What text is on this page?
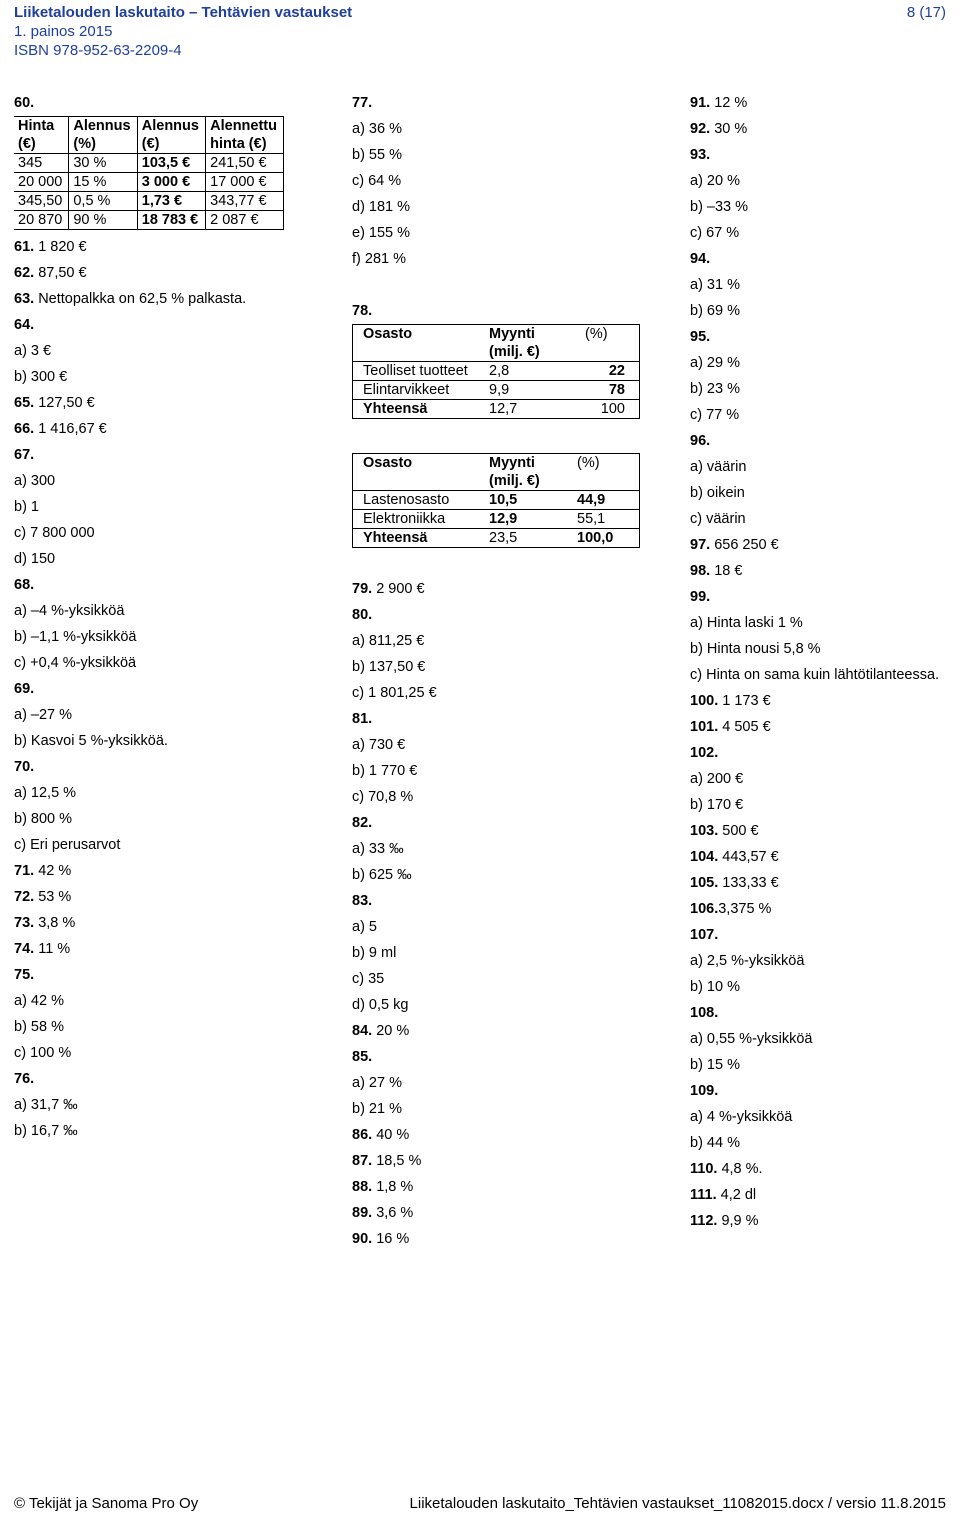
Liiketalouden laskutaito – Tehtävien vastaukset
1. painos 2015
ISBN 978-952-63-2209-4
8 (17)
60.
Hinta (€)	Alennus (%)	Alennus (€)	Alennettu hinta (€)
345	30 %	103,5 €	241,50 €
20 000	15 %	3 000 €	17 000 €
345,50	0,5 %	1,73 €	343,77 €
20 870	90 %	18 783 €	2 087 €
61. 1 820 €
62. 87,50 €
63. Nettopalkka on 62,5 % palkasta.
64.
a) 3 €
b) 300 €
65. 127,50 €
66. 1 416,67 €
67.
a) 300
b) 1
c) 7 800 000
d) 150
68.
a) –4 %-yksikköä
b) –1,1 %-yksikköä
c) +0,4 %-yksikköä
69.
a) –27 %
b) Kasvoi 5 %-yksikköä.
70.
a) 12,5 %
b) 800 %
c) Eri perusarvot
71. 42 %
72. 53 %
73. 3,8 %
74. 11 %
75.
a) 42 %
b) 58 %
c) 100 %
76.
a) 31,7 ‰
b) 16,7 ‰
77.
a) 36 %
b) 55 %
c) 64 %
d) 181 %
e) 155 %
f) 281 %
78.
Osasto	Myynti (milj. €)	(%)
Teolliset tuotteet	2,8	22
Elintarvikkeet	9,9	78
Yhteensä	12,7	100
Osasto	Myynti (milj. €)	(%)
Lastenosasto	10,5	44,9
Elektroniikka	12,9	55,1
Yhteensä	23,5	100,0
79. 2 900 €
80.
a) 811,25 €
b) 137,50 €
c) 1 801,25 €
81.
a) 730 €
b) 1 770 €
c) 70,8 %
82.
a) 33 ‰
b) 625 ‰
83.
a) 5
b) 9 ml
c) 35
d) 0,5 kg
84. 20 %
85.
a) 27 %
b) 21 %
86. 40 %
87. 18,5 %
88. 1,8 %
89. 3,6 %
90. 16 %
91. 12 %
92. 30 %
93.
a) 20 %
b) –33 %
c) 67 %
94.
a) 31 %
b) 69 %
95.
a) 29 %
b) 23 %
c) 77 %
96.
a) väärin
b) oikein
c) väärin
97. 656 250 €
98. 18 €
99.
a) Hinta laski 1 %
b) Hinta nousi 5,8 %
c) Hinta on sama kuin lähtötilanteessa.
100. 1 173 €
101. 4 505 €
102.
a) 200 €
b) 170 €
103. 500 €
104. 443,57 €
105. 133,33 €
106.3,375 %
107.
a) 2,5 %-yksikköä
b) 10 %
108.
a) 0,55 %-yksikköä
b) 15 %
109.
a) 4 %-yksikköä
b) 44 %
110. 4,8 %.
111. 4,2 dl
112. 9,9 %
© Tekijät ja Sanoma Pro Oy	Liiketalouden laskutaito_Tehtävien vastaukset_11082015.docx / versio 11.8.2015
